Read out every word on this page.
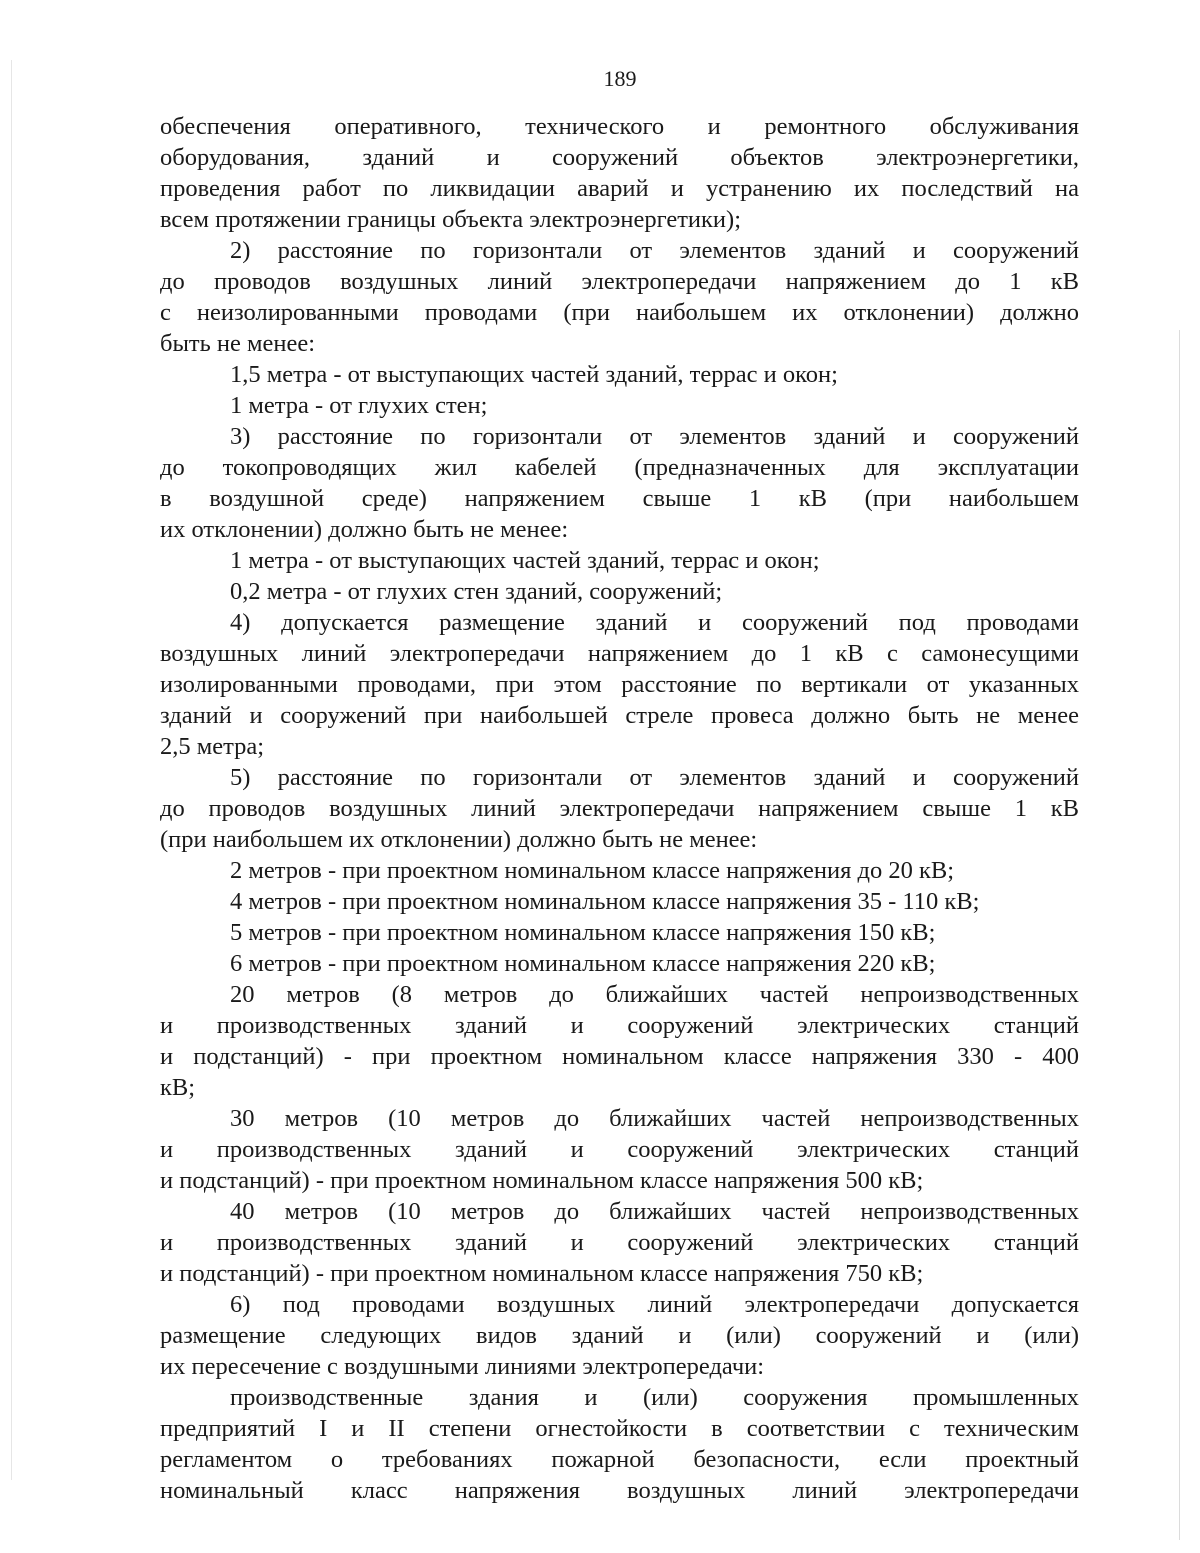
189
обеспечения оперативного, технического и ремонтного обслуживания
оборудования, зданий и сооружений объектов электроэнергетики,
проведения работ по ликвидации аварий и устранению их последствий на
всем протяжении границы объекта электроэнергетики);
2) расстояние по горизонтали от элементов зданий и сооружений
до проводов воздушных линий электропередачи напряжением до 1 кВ
с неизолированными проводами (при наибольшем их отклонении) должно
быть не менее:
1,5 метра - от выступающих частей зданий, террас и окон;
1 метра - от глухих стен;
3) расстояние по горизонтали от элементов зданий и сооружений
до токопроводящих жил кабелей (предназначенных для эксплуатации
в воздушной среде) напряжением свыше 1 кВ (при наибольшем
их отклонении) должно быть не менее:
1 метра - от выступающих частей зданий, террас и окон;
0,2 метра - от глухих стен зданий, сооружений;
4) допускается размещение зданий и сооружений под проводами
воздушных линий электропередачи напряжением до 1 кВ с самонесущими
изолированными проводами, при этом расстояние по вертикали от указанных
зданий и сооружений при наибольшей стреле провеса должно быть не менее
2,5 метра;
5) расстояние по горизонтали от элементов зданий и сооружений
до проводов воздушных линий электропередачи напряжением свыше 1 кВ
(при наибольшем их отклонении) должно быть не менее:
2 метров - при проектном номинальном классе напряжения до 20 кВ;
4 метров - при проектном номинальном классе напряжения 35 - 110 кВ;
5 метров - при проектном номинальном классе напряжения 150 кВ;
6 метров - при проектном номинальном классе напряжения 220 кВ;
20 метров (8 метров до ближайших частей непроизводственных
и производственных зданий и сооружений электрических станций
и подстанций) - при проектном номинальном классе напряжения 330 - 400
кВ;
30 метров (10 метров до ближайших частей непроизводственных
и производственных зданий и сооружений электрических станций
и подстанций) - при проектном номинальном классе напряжения 500 кВ;
40 метров (10 метров до ближайших частей непроизводственных
и производственных зданий и сооружений электрических станций
и подстанций) - при проектном номинальном классе напряжения 750 кВ;
6) под проводами воздушных линий электропередачи допускается
размещение следующих видов зданий и (или) сооружений и (или)
их пересечение с воздушными линиями электропередачи:
производственные здания и (или) сооружения промышленных
предприятий I и II степени огнестойкости в соответствии с техническим
регламентом о требованиях пожарной безопасности, если проектный
номинальный класс напряжения воздушных линий электропередачи
